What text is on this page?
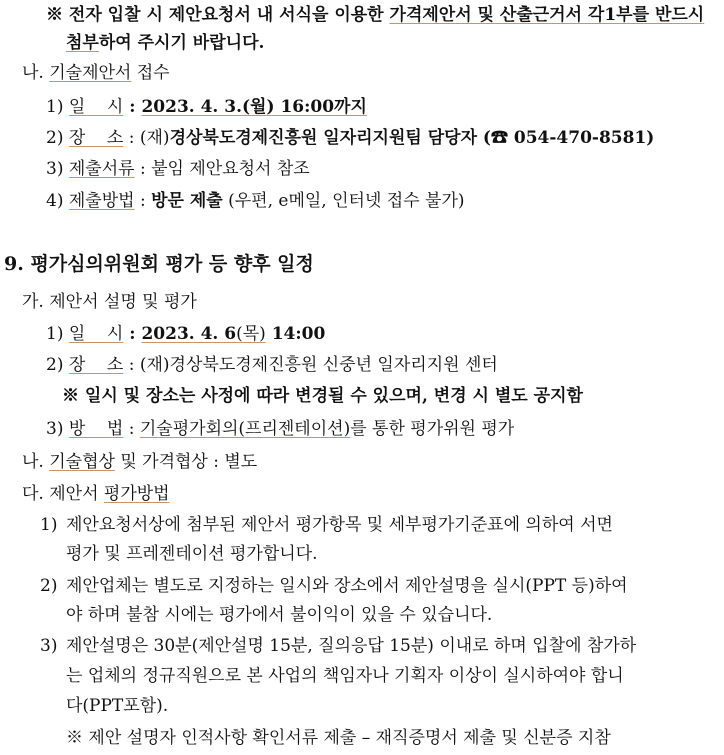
※ 전자 입찰 시 제안요청서 내 서식을 이용한 가격제안서 및 산출근거서 각1부를 반드시
첨부하여 주시기 바랍니다.
나. 기술제안서 접수
1) 일    시 : 2023. 4. 3.(월) 16:00까지
2) 장    소 : (재)경상북도경제진흥원 일자리지원팀 담당자 (☎ 054-470-8581)
3) 제출서류 : 붙임 제안요청서 참조
4) 제출방법 : 방문 제출 (우편, e메일, 인터넷 접수 불가)
9. 평가심의위원회 평가 등 향후 일정
가. 제안서 설명 및 평가
1) 일    시 : 2023. 4. 6(목) 14:00
2) 장    소 : (재)경상북도경제진흥원 신중년 일자리지원 센터
※ 일시 및 장소는 사정에 따라 변경될 수 있으며, 변경 시 별도 공지함
3) 방    법 : 기술평가회의(프리젠테이션)를 통한 평가위원 평가
나. 기술협상 및 가격협상 : 별도
다. 제안서 평가방법
1) 제안요청서상에 첨부된 제안서 평가항목 및 세부평가기준표에 의하여 서면
평가 및 프레젠테이션 평가합니다.
2) 제안업체는 별도로 지정하는 일시와 장소에서 제안설명을 실시(PPT 등)하여
야 하며 불참 시에는 평가에서 불이익이 있을 수 있습니다.
3) 제안설명은 30분(제안설명 15분, 질의응답 15분) 이내로 하며 입찰에 참가하
는 업체의 정규직원으로 본 사업의 책임자나 기획자 이상이 실시하여야 합니
다(PPT포함).
※ 제안 설명자 인적사항 확인서류 제출 – 재직증명서 제출 및 신분증 지참
